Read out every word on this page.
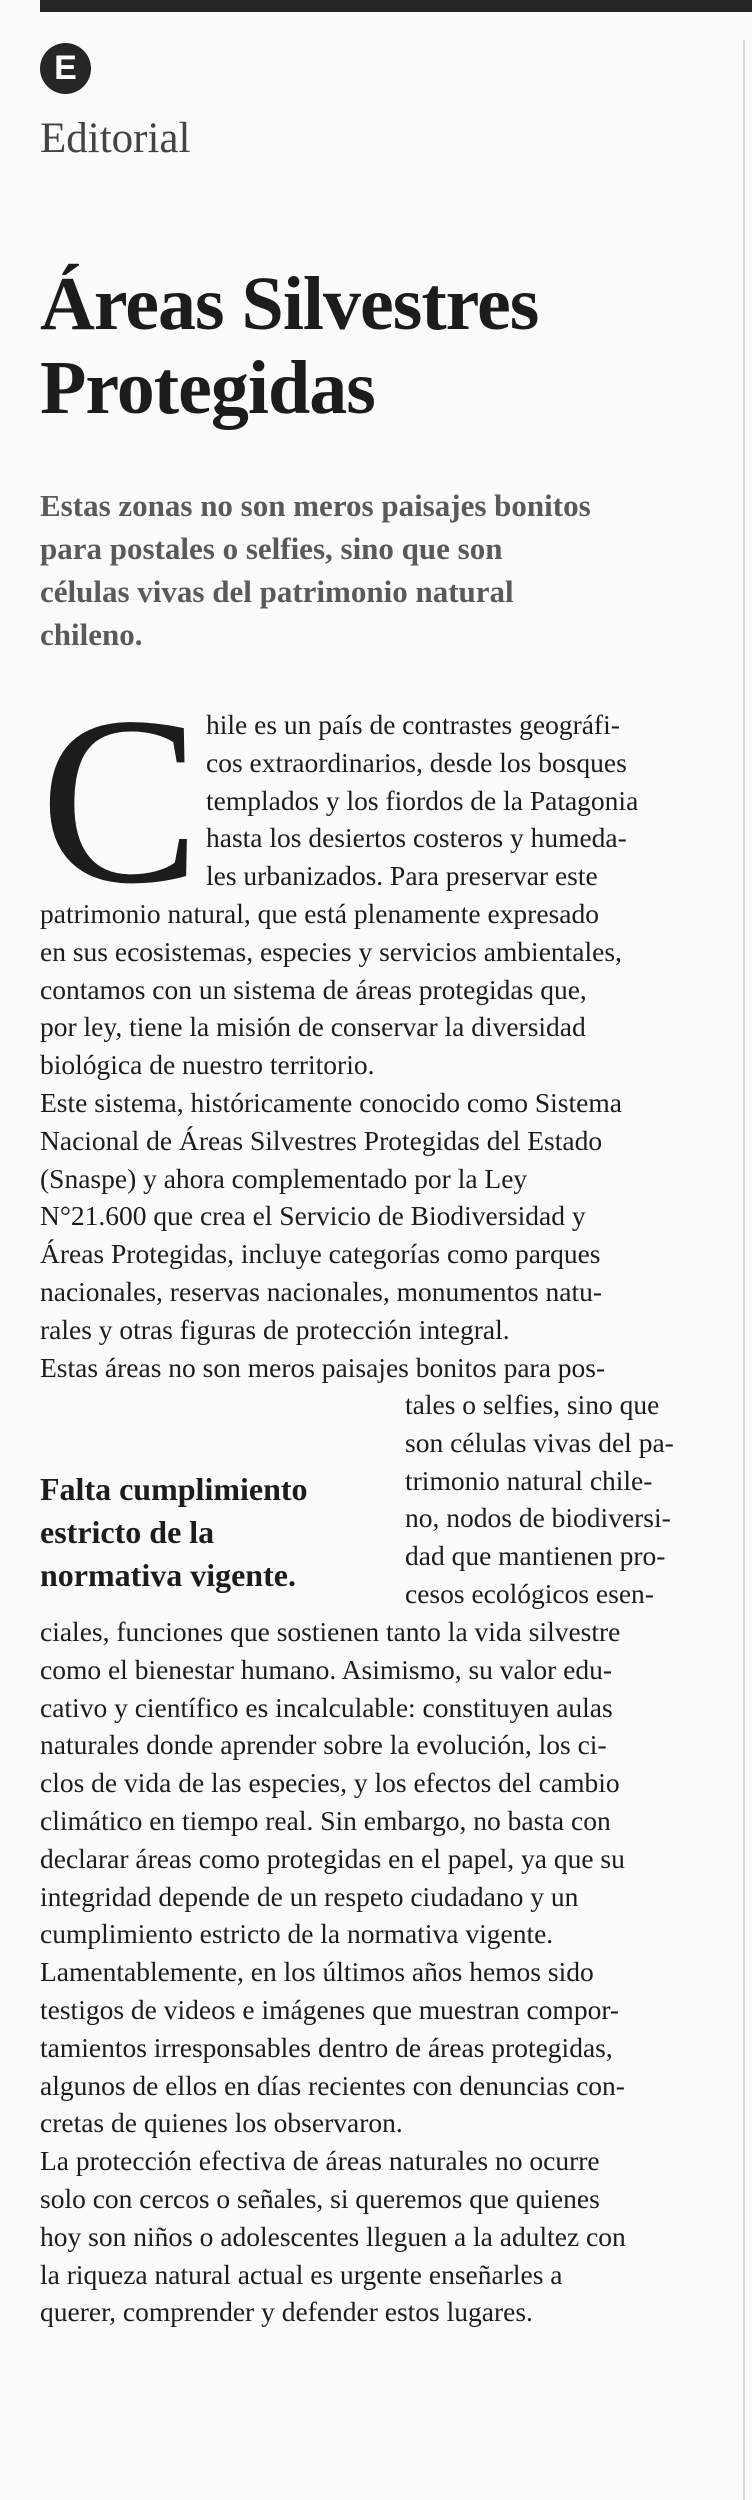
E
Editorial
Áreas Silvestres
Protegidas
Estas zonas no son meros paisajes bonitos
para postales o selfies, sino que son
células vivas del patrimonio natural
chileno.
C hile es un país de contrastes geográfi-
cos extraordinarios, desde los bosques
templados y los fiordos de la Patagonia
hasta los desiertos costeros y humeda-
les urbanizados. Para preservar este
patrimonio natural, que está plenamente expresado
en sus ecosistemas, especies y servicios ambientales,
contamos con un sistema de áreas protegidas que,
por ley, tiene la misión de conservar la diversidad
biológica de nuestro territorio.
Este sistema, históricamente conocido como Sistema
Nacional de Áreas Silvestres Protegidas del Estado
(Snaspe) y ahora complementado por la Ley
N°21.600 que crea el Servicio de Biodiversidad y
Áreas Protegidas, incluye categorías como parques
nacionales, reservas nacionales, monumentos natu-
rales y otras figuras de protección integral.
Estas áreas no son meros paisajes bonitos para pos-
Falta cumplimiento
estricto de la
normativa vigente.
tales o selfies, sino que
son células vivas del pa-
trimonio natural chile-
no, nodos de biodiversi-
dad que mantienen pro-
cesos ecológicos esen-
ciales, funciones que sostienen tanto la vida silvestre
como el bienestar humano. Asimismo, su valor edu-
cativo y científico es incalculable: constituyen aulas
naturales donde aprender sobre la evolución, los ci-
clos de vida de las especies, y los efectos del cambio
climático en tiempo real. Sin embargo, no basta con
declarar áreas como protegidas en el papel, ya que su
integridad depende de un respeto ciudadano y un
cumplimiento estricto de la normativa vigente.
Lamentablemente, en los últimos años hemos sido
testigos de videos e imágenes que muestran compor-
tamientos irresponsables dentro de áreas protegidas,
algunos de ellos en días recientes con denuncias con-
cretas de quienes los observaron.
La protección efectiva de áreas naturales no ocurre
solo con cercos o señales, si queremos que quienes
hoy son niños o adolescentes lleguen a la adultez con
la riqueza natural actual es urgente enseñarles a
querer, comprender y defender estos lugares.
